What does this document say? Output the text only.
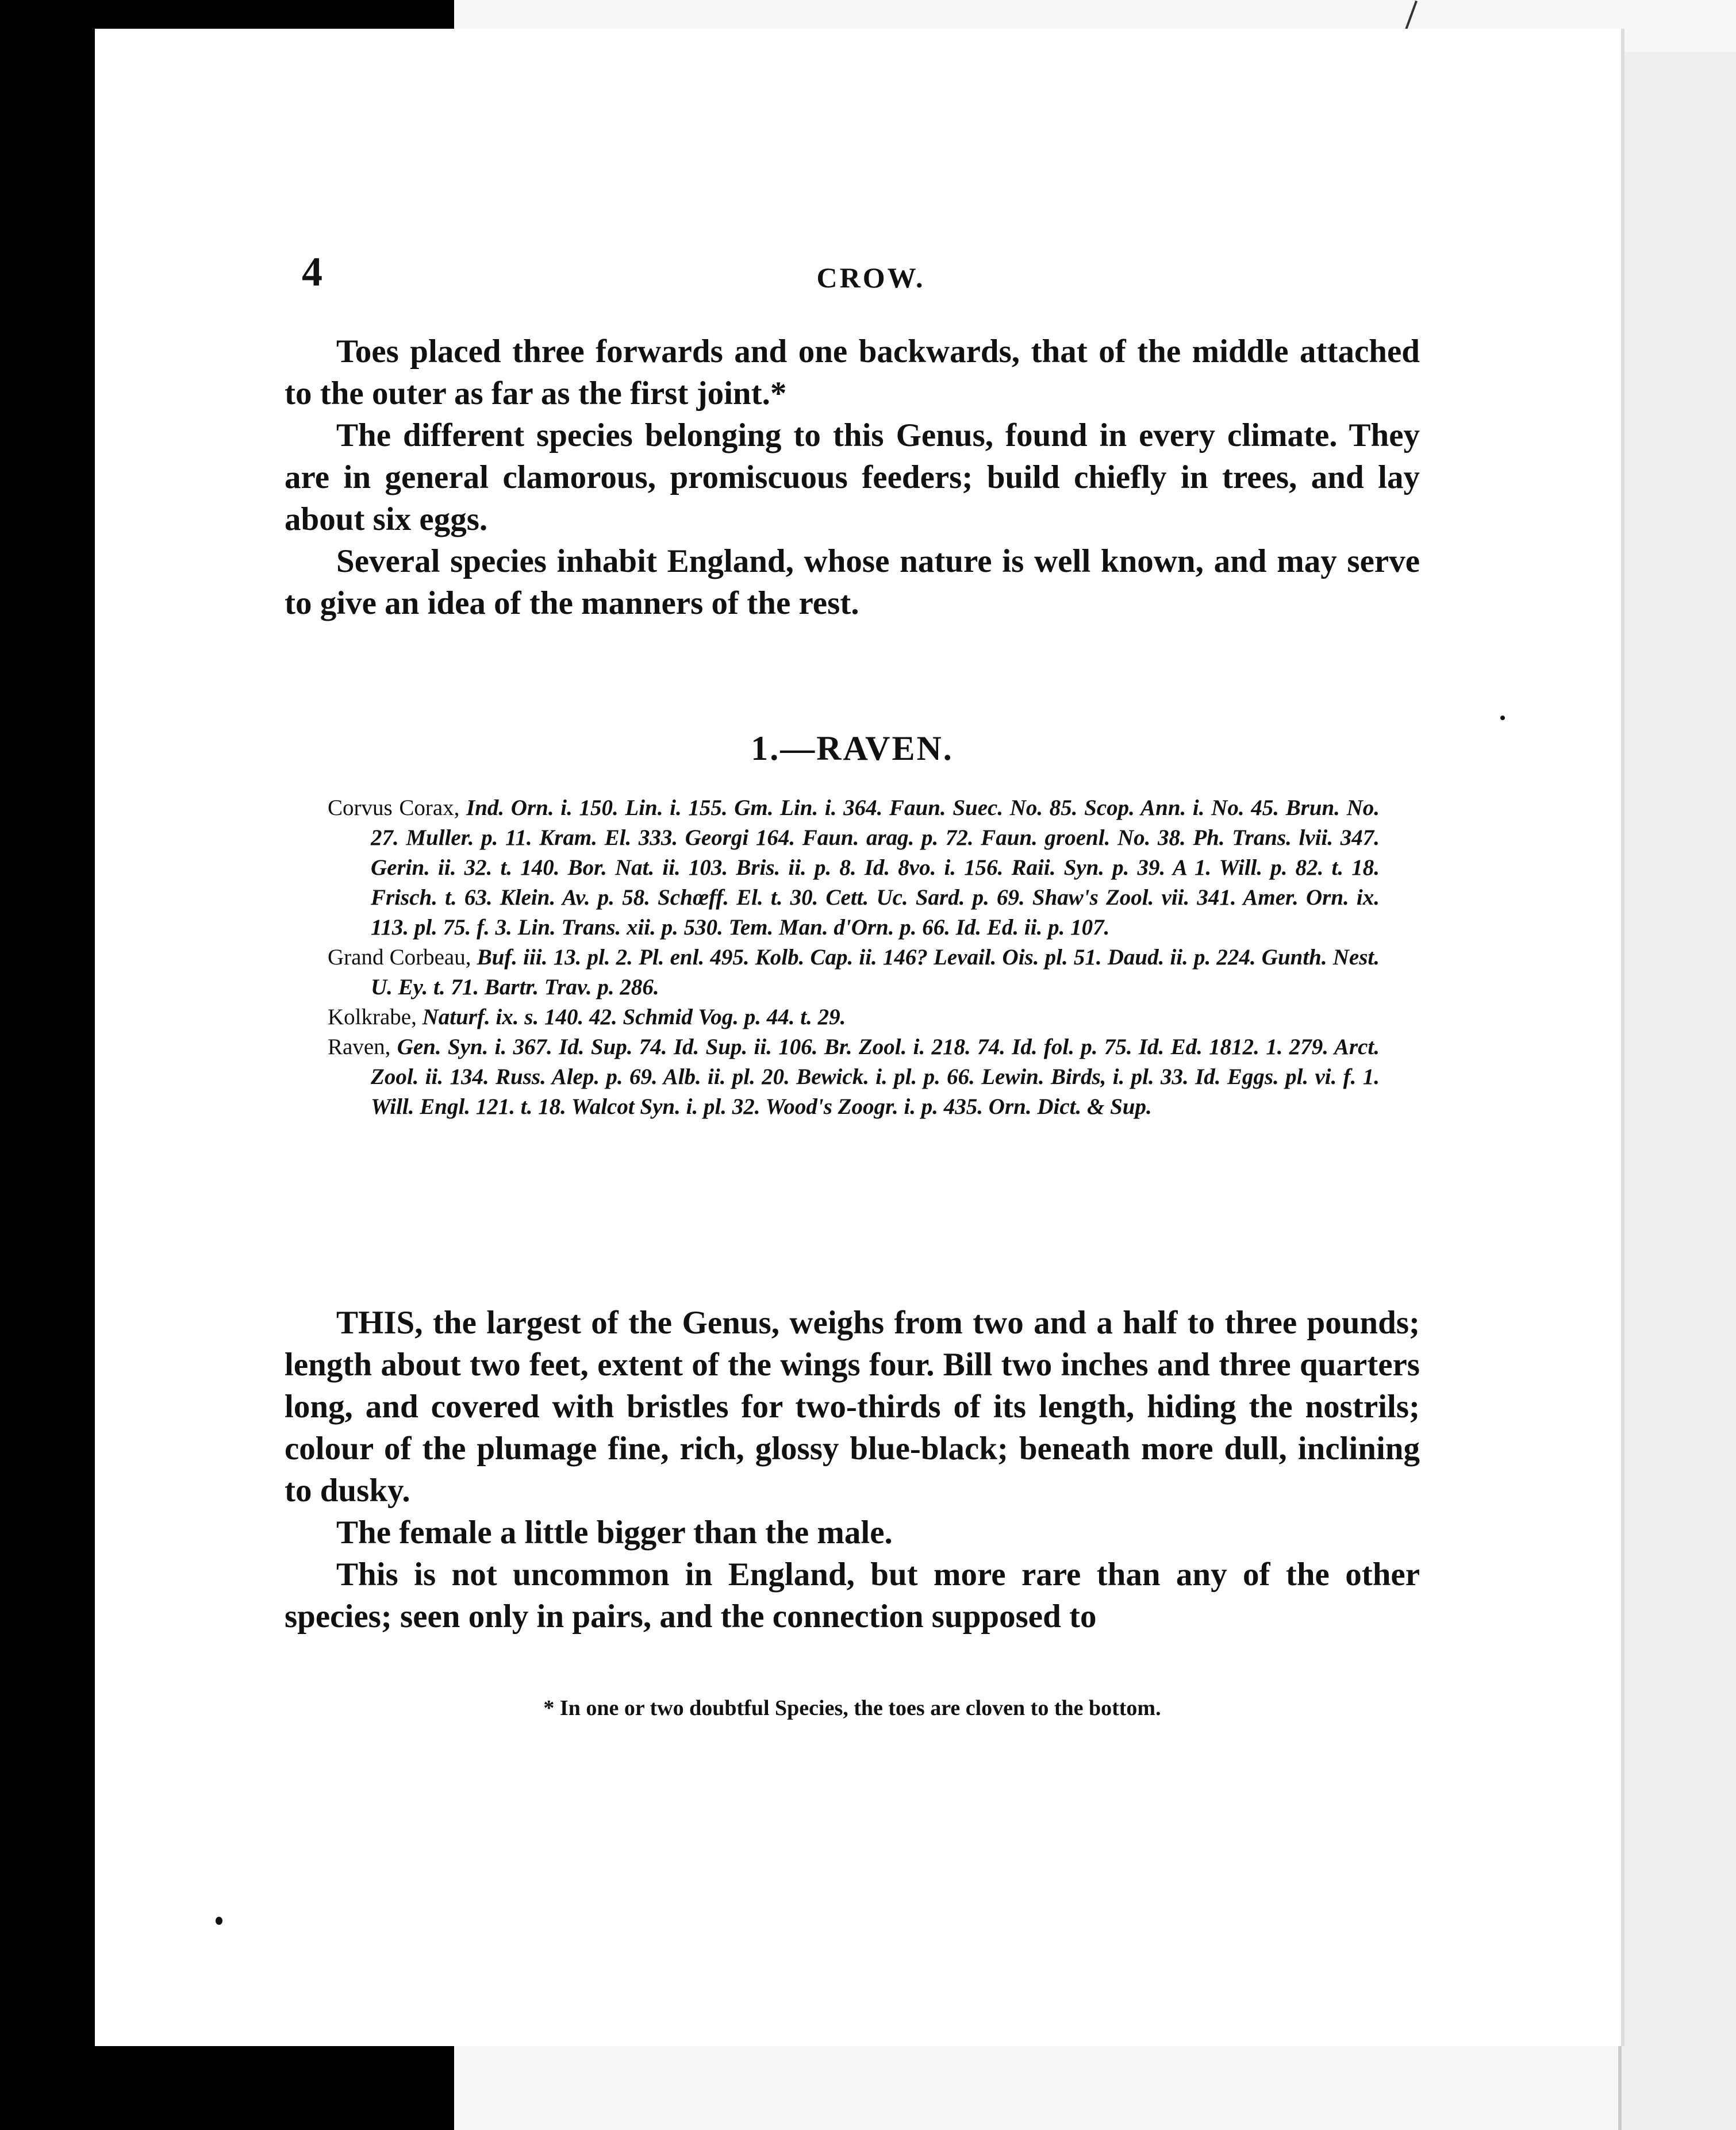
4	CROW.

Toes placed three forwards and one backwards, that of the middle attached to the outer as far as the first joint.*

The different species belonging to this Genus, found in every climate. They are in general clamorous, promiscuous feeders; build chiefly in trees, and lay about six eggs.

Several species inhabit England, whose nature is well known, and may serve to give an idea of the manners of the rest.

1.—RAVEN.

Corvus Corax, Ind. Orn. i. 150. Lin. i. 155. Gm. Lin. i. 364. Faun. Suec. No. 85. Scop. Ann. i. No. 45. Brun. No. 27. Muller. p. 11. Kram. El. 333. Georgi 164. Faun. arag. p. 72. Faun. groenl. No. 38. Ph. Trans. lvii. 347. Gerin. ii. 32. t. 140. Bor. Nat. ii. 103. Bris. ii. p. 8. Id. 8vo. i. 156. Raii. Syn. p. 39. A 1. Will. p. 82. t. 18. Frisch. t. 63. Klein. Av. p. 58. Schœff. El. t. 30. Cett. Uc. Sard. p. 69. Shaw's Zool. vii. 341. Amer. Orn. ix. 113. pl. 75. f. 3. Lin. Trans. xii. p. 530. Tem. Man. d'Orn. p. 66. Id. Ed. ii. p. 107.

Grand Corbeau, Buf. iii. 13. pl. 2. Pl. enl. 495. Kolb. Cap. ii. 146? Levail. Ois. pl. 51. Daud. ii. p. 224. Gunth. Nest. U. Ey. t. 71. Bartr. Trav. p. 286.

Kolkrabe, Naturf. ix. s. 140. 42. Schmid Vog. p. 44. t. 29.

Raven, Gen. Syn. i. 367. Id. Sup. 74. Id. Sup. ii. 106. Br. Zool. i. 218. 74. Id. fol. p. 75. Id. Ed. 1812. 1. 279. Arct. Zool. ii. 134. Russ. Alep. p. 69. Alb. ii. pl. 20. Bewick. i. pl. p. 66. Lewin. Birds, i. pl. 33. Id. Eggs. pl. vi. f. 1. Will. Engl. 121. t. 18. Walcot Syn. i. pl. 32. Wood's Zoogr. i. p. 435. Orn. Dict. & Sup.

THIS, the largest of the Genus, weighs from two and a half to three pounds; length about two feet, extent of the wings four. Bill two inches and three quarters long, and covered with bristles for two-thirds of its length, hiding the nostrils; colour of the plumage fine, rich, glossy blue-black; beneath more dull, inclining to dusky.

The female a little bigger than the male.

This is not uncommon in England, but more rare than any of the other species; seen only in pairs, and the connection supposed to

* In one or two doubtful Species, the toes are cloven to the bottom.
